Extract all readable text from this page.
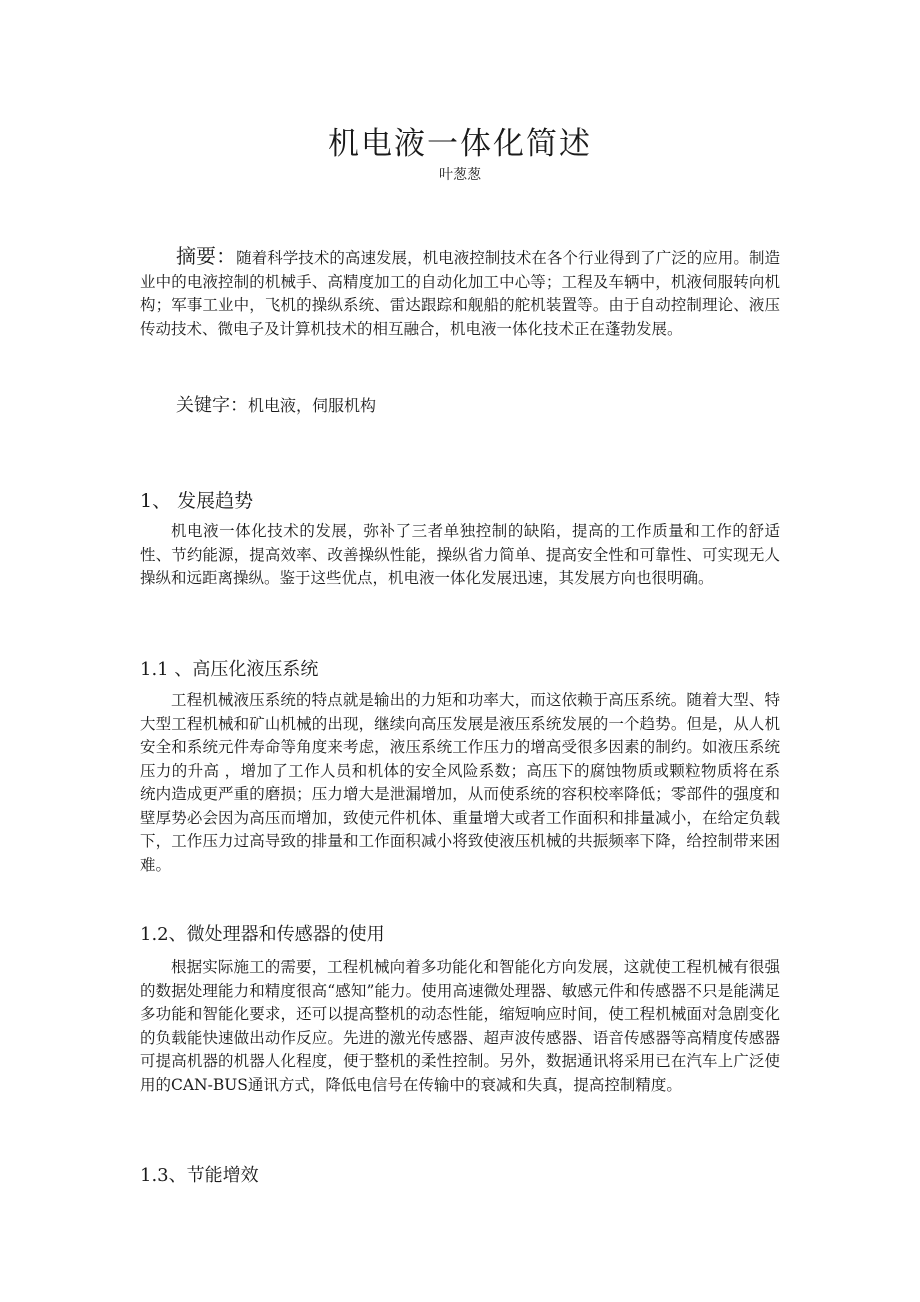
机电液一体化简述

叶葱葱

摘要：随着科学技术的高速发展，机电液控制技术在各个行业得到了广泛的应用。制造业中的电液控制的机械手、高精度加工的自动化加工中心等；工程及车辆中，机液伺服转向机构；军事工业中，飞机的操纵系统、雷达跟踪和舰船的舵机装置等。由于自动控制理论、液压传动技术、微电子及计算机技术的相互融合，机电液一体化技术正在蓬勃发展。

关键字：机电液，伺服机构
1、 发展趋势

机电液一体化技术的发展，弥补了三者单独控制的缺陷，提高的工作质量和工作的舒适性、节约能源，提高效率、改善操纵性能，操纵省力简单、提高安全性和可靠性、可实现无人操纵和远距离操纵。鉴于这些优点，机电液一体化发展迅速，其发展方向也很明确。

1.1 、高压化液压系统

工程机械液压系统的特点就是输出的力矩和功率大，而这依赖于高压系统。随着大型、特大型工程机械和矿山机械的出现，继续向高压发展是液压系统发展的一个趋势。但是，从人机安全和系统元件寿命等角度来考虑，液压系统工作压力的增高受很多因素的制约。如液压系统压力的升高 ，增加了工作人员和机体的安全风险系数；高压下的腐蚀物质或颗粒物质将在系统内造成更严重的磨损；压力增大是泄漏增加，从而使系统的容积校率降低；零部件的强度和壁厚势必会因为高压而增加，致使元件机体、重量增大或者工作面积和排量减小，在给定负载下，工作压力过高导致的排量和工作面积减小将致使液压机械的共振频率下降，给控制带来困难。

1.2、微处理器和传感器的使用

根据实际施工的需要，工程机械向着多功能化和智能化方向发展，这就使工程机械有很强的数据处理能力和精度很高“感知”能力。使用高速微处理器、敏感元件和传感器不只是能满足多功能和智能化要求，还可以提高整机的动态性能，缩短响应时间，使工程机械面对急剧变化的负载能快速做出动作反应。先进的激光传感器、超声波传感器、语音传感器等高精度传感器可提高机器的机器人化程度，便于整机的柔性控制。另外，数据通讯将采用已在汽车上广泛使用的CAN-BUS通讯方式，降低电信号在传输中的衰减和失真，提高控制精度。

1.3、节能增效
